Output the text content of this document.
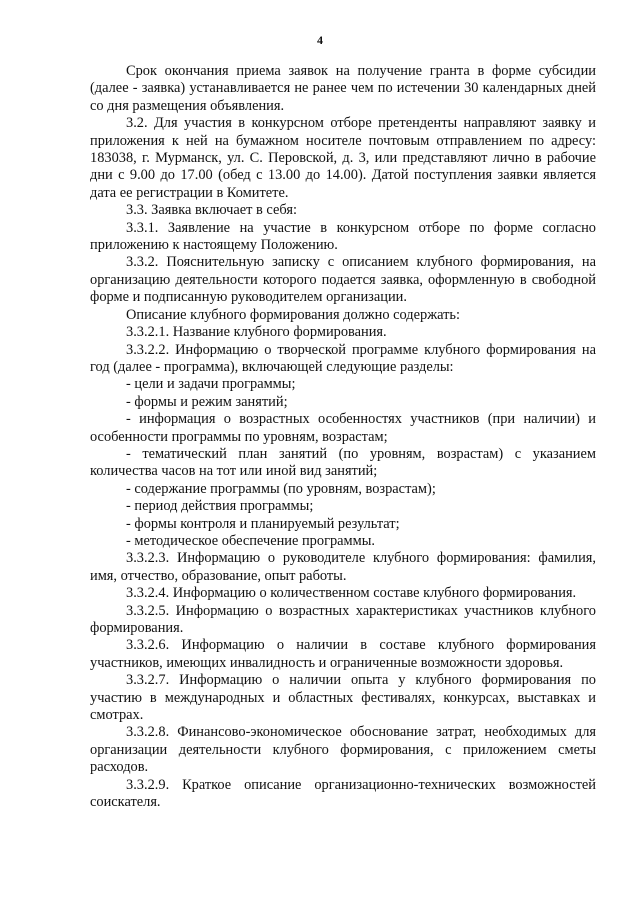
4

Срок окончания приема заявок на получение гранта в форме субсидии (далее - заявка) устанавливается не ранее чем по истечении 30 календарных дней со дня размещения объявления.

3.2. Для участия в конкурсном отборе претенденты направляют заявку и приложения к ней на бумажном носителе почтовым отправлением по адресу: 183038, г. Мурманск, ул. С. Перовской, д. 3, или представляют лично в рабочие дни с 9.00 до 17.00 (обед с 13.00 до 14.00). Датой поступления заявки является дата ее регистрации в Комитете.

3.3. Заявка включает в себя:

3.3.1. Заявление на участие в конкурсном отборе по форме согласно приложению к настоящему Положению.

3.3.2. Пояснительную записку с описанием клубного формирования, на организацию деятельности которого подается заявка, оформленную в свободной форме и подписанную руководителем организации.

Описание клубного формирования должно содержать:

3.3.2.1. Название клубного формирования.

3.3.2.2. Информацию о творческой программе клубного формирования на год (далее - программа), включающей следующие разделы:

- цели и задачи программы;

- формы и режим занятий;

- информация о возрастных особенностях участников (при наличии) и особенности программы по уровням, возрастам;

- тематический план занятий (по уровням, возрастам) с указанием количества часов на тот или иной вид занятий;

- содержание программы (по уровням, возрастам);

- период действия программы;

- формы контроля и планируемый результат;

- методическое обеспечение программы.

3.3.2.3. Информацию о руководителе клубного формирования: фамилия, имя, отчество, образование, опыт работы.

3.3.2.4. Информацию о количественном составе клубного формирования.

3.3.2.5. Информацию о возрастных характеристиках участников клубного формирования.

3.3.2.6. Информацию о наличии в составе клубного формирования участников, имеющих инвалидность и ограниченные возможности здоровья.

3.3.2.7. Информацию о наличии опыта у клубного формирования по участию в международных и областных фестивалях, конкурсах, выставках и смотрах.

3.3.2.8. Финансово-экономическое обоснование затрат, необходимых для организации деятельности клубного формирования, с приложением сметы расходов.

3.3.2.9. Краткое описание организационно-технических возможностей соискателя.
